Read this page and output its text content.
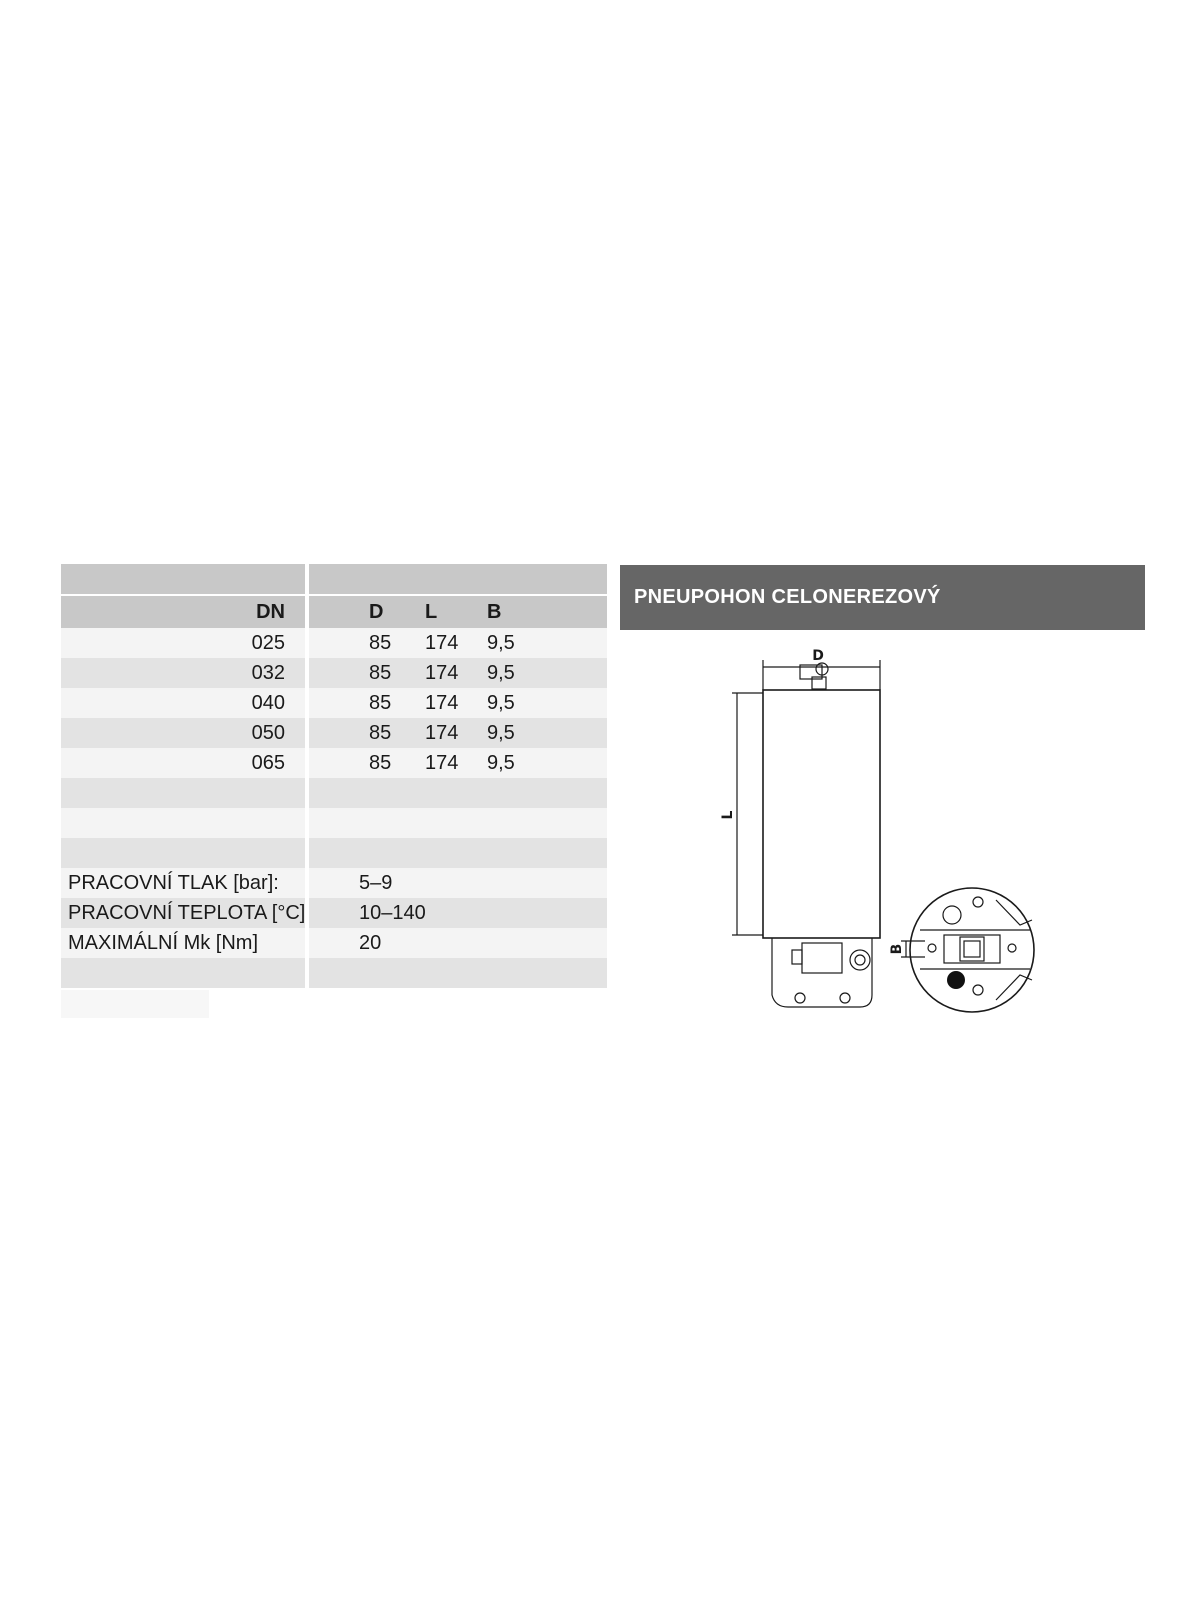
DN	D L B
025	85 174 9,5
032	85 174 9,5
040	85 174 9,5
050	85 174 9,5
065	85 174 9,5
PRACOVNÍ TLAK [bar]:	5–9
PRACOVNÍ TEPLOTA [°C]	10–140
MAXIMÁLNÍ Mk [Nm]	20
PNEUPOHON CELONEREZOVÝ
D
L
B
